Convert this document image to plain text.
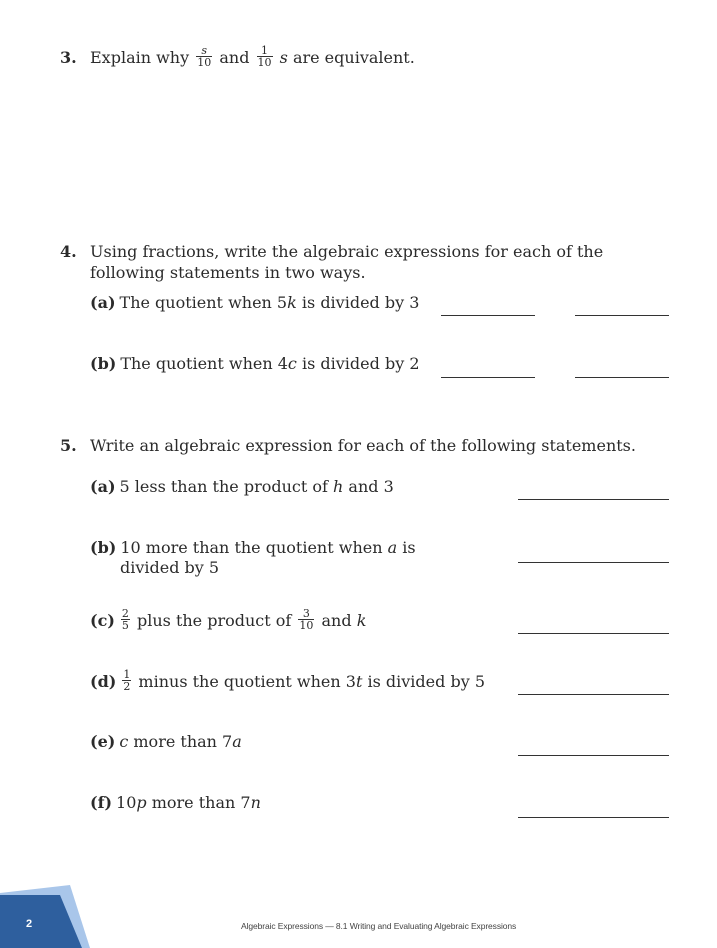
3. Explain why $\frac{s}{10}$ and $\frac{1}{10}$ s are equivalent.
4. Using fractions, write the algebraic expressions for each of the following statements in two ways.
(a) The quotient when 5k is divided by 3
(b) The quotient when 4c is divided by 2
5. Write an algebraic expression for each of the following statements.
(a) 5 less than the product of h and 3
(b) 10 more than the quotient when a is
divided by 5
$(c) \frac{2}{5}$ plus the product of $\frac{3}{10}$ and k
$(d) \frac{1}{2}$ minus the quotient when 3t is divided by 5
(e) c more than 7a
(f) 10p more than 7n
2	Algebraic Expressions — 8.1 Writing and Evaluating Algebraic Expressions
